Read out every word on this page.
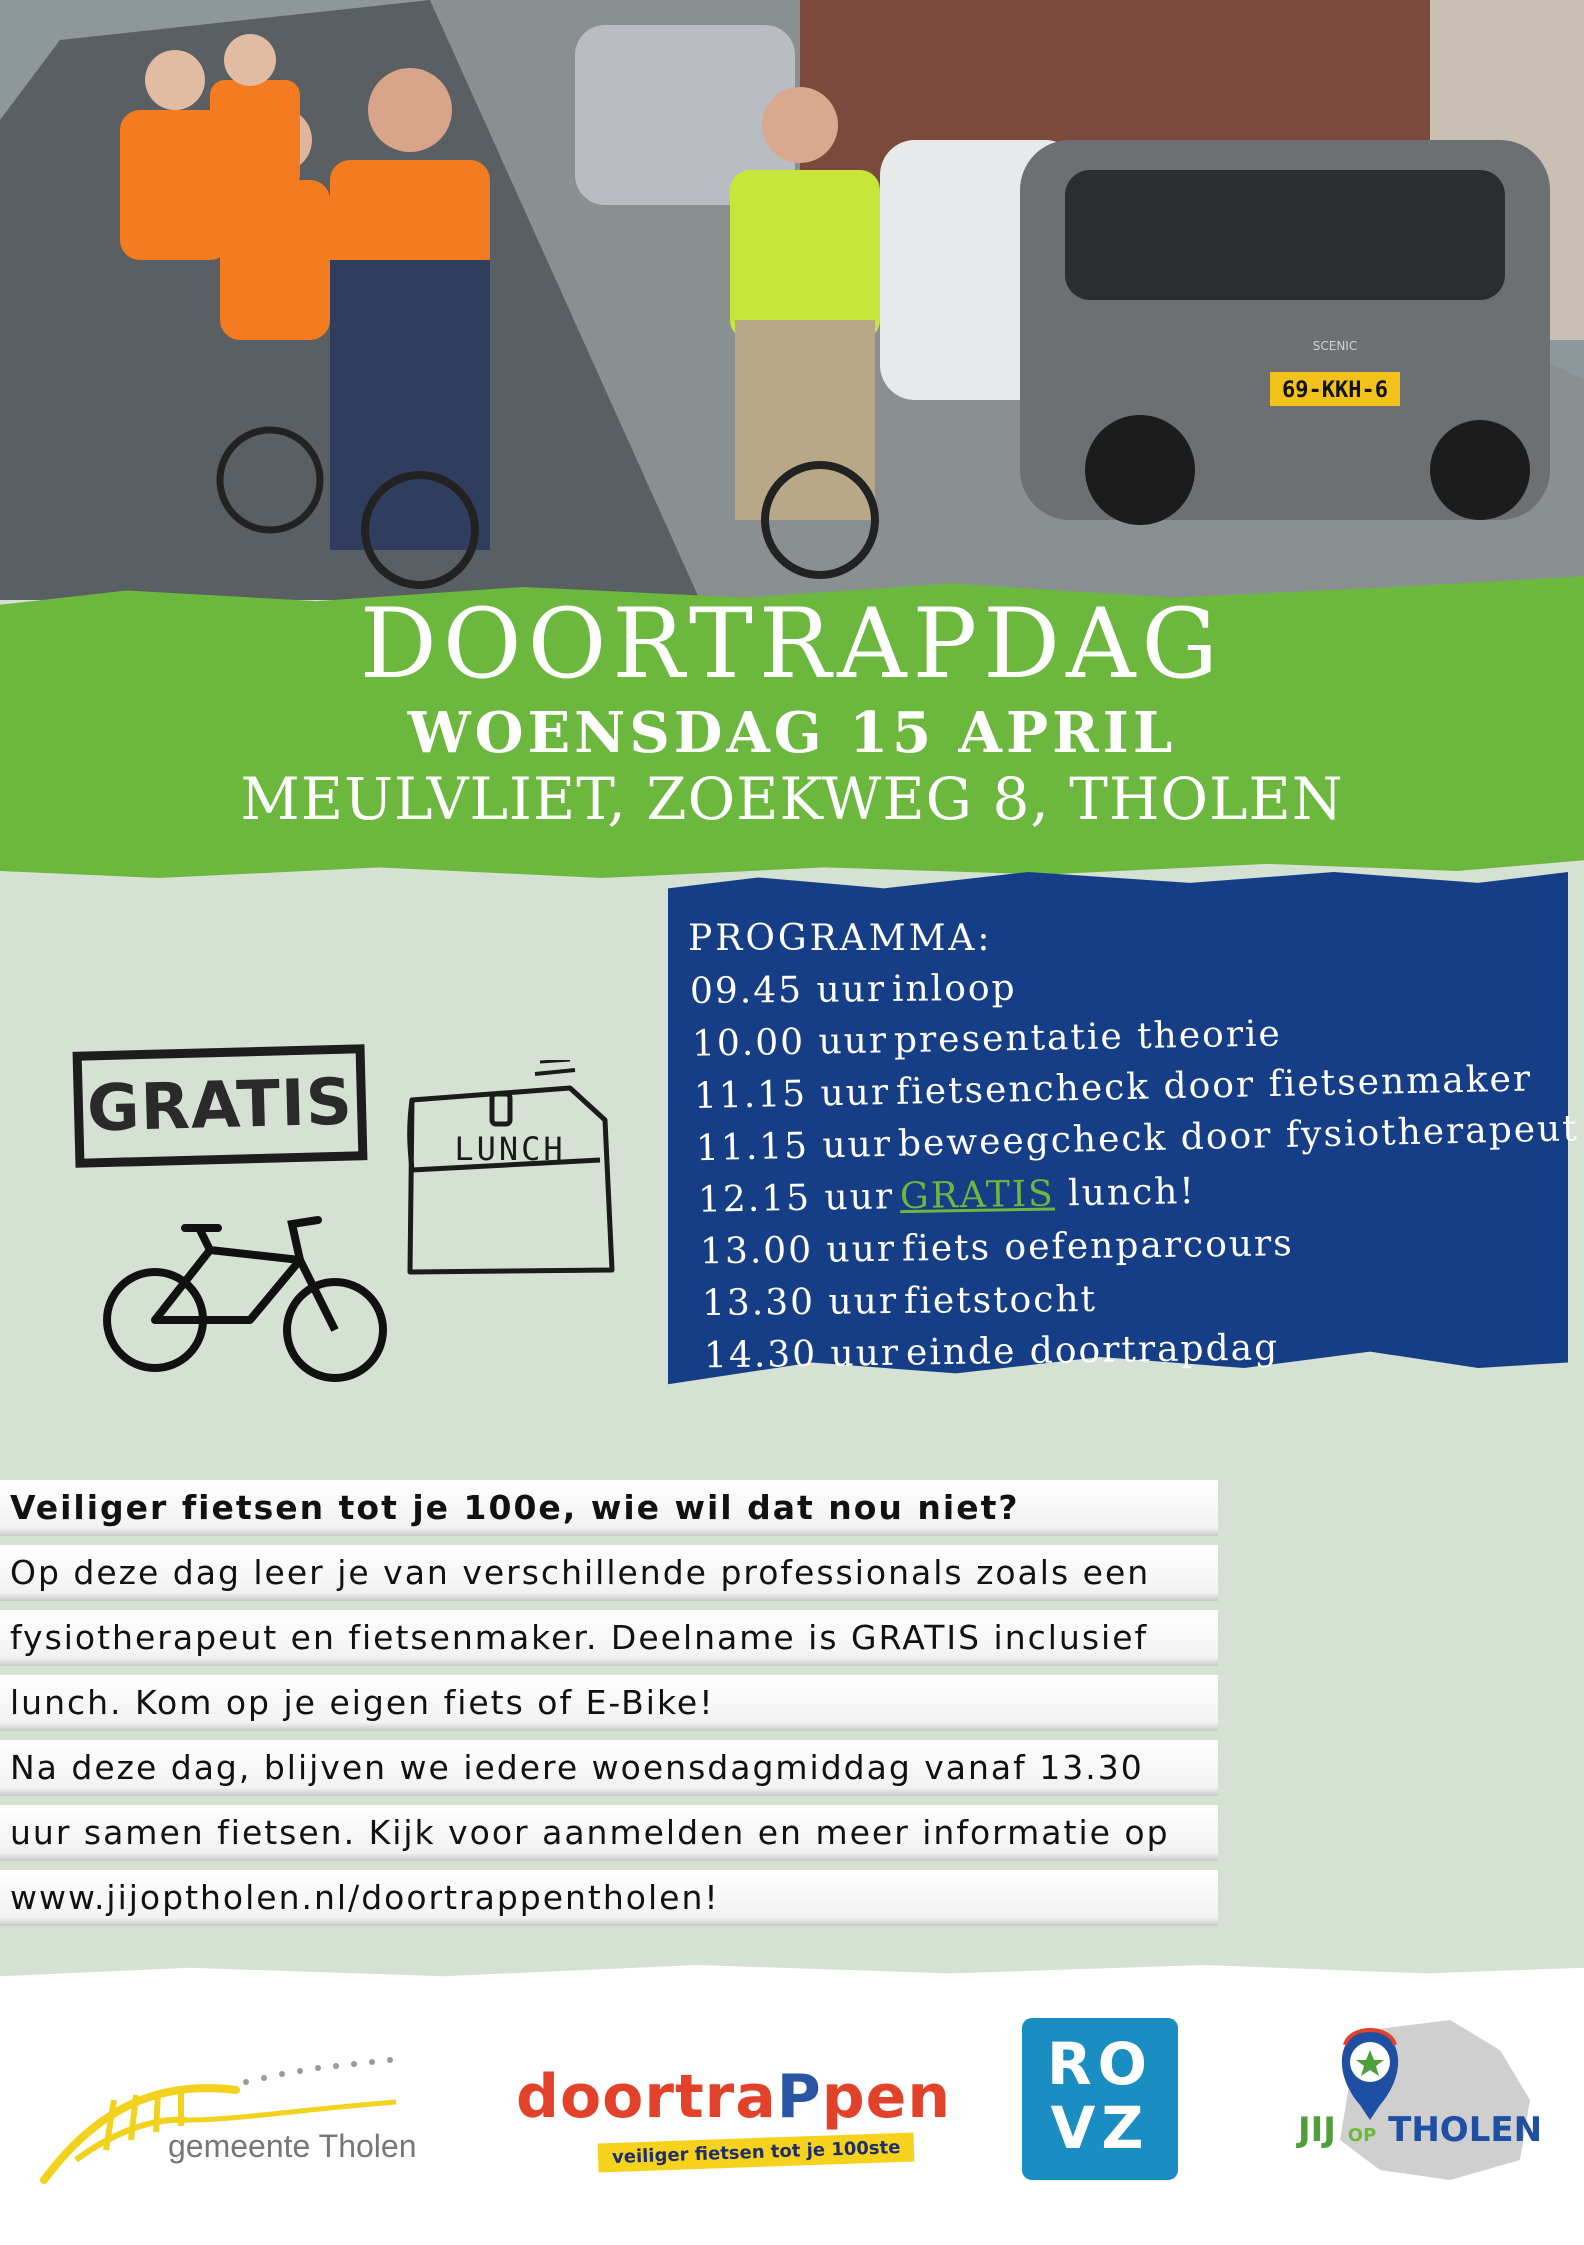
69-KKH-6
SCENIC
DOORTRAPDAG
WOENSDAG 15 APRIL
MEULVLIET, ZOEKWEG 8, THOLEN
PROGRAMMA:
09.45 uur inloop
10.00 uur presentatie theorie
11.15 uur fietsencheck door fietsenmaker
11.15 uur beweegcheck door fysiotherapeut
12.15 uur GRATIS lunch!
13.00 uur fiets oefenparcours
13.30 uur fietstocht
14.30 uur einde doortrapdag
GRATIS
LUNCH
Veiliger fietsen tot je 100e, wie wil dat nou niet?
Op deze dag leer je van verschillende professionals zoals een
fysiotherapeut en fietsenmaker. Deelname is GRATIS inclusief
lunch. Kom op je eigen fiets of E-Bike!
Na deze dag, blijven we iedere woensdagmiddag vanaf 13.30
uur samen fietsen. Kijk voor aanmelden en meer informatie op
www.jijoptholen.nl/doortrappentholen!
gemeente Tholen
doortraPpen
veiliger fietsen tot je 100ste
RO
VZ	JIJ OP THOLEN
